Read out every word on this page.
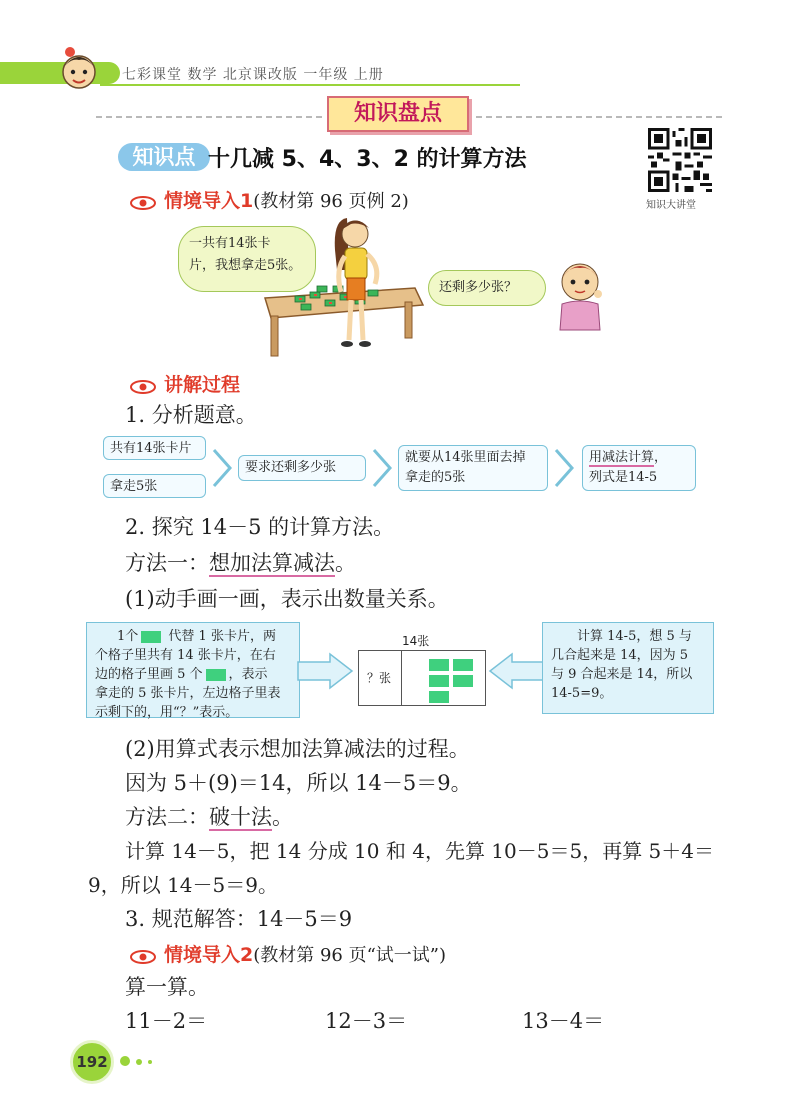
七彩课堂 数学 北京课改版 一年级 上册
知识盘点
知识点 十几减 5、4、3、2 的计算方法
知识大讲堂
情境导入1(教材第 96 页例 2)
一共有14张卡
片，我想拿走5张。
还剩多少张？
讲解过程
1. 分析题意。
共有14张卡片
拿走5张
要求还剩多少张
就要从14张里面去掉
拿走的5张
用减法计算，
列式是14-5
2. 探究 14－5 的计算方法。
方法一：想加法算减法。
(1)动手画一画，表示出数量关系。
1个 代替 1 张卡片，两
个格子里共有 14 张卡片，在右
边的格子里画 5 个 ，表示
拿走的 5 张卡片，左边格子里表
示剩下的，用“？”表示。
14张
？张
计算 14-5，想 5 与
几合起来是 14，因为 5
与 9 合起来是 14，所以
14-5=9。
(2)用算式表示想加法算减法的过程。
因为 5＋(9)＝14，所以 14－5＝9。
方法二：破十法。
计算 14－5，把 14 分成 10 和 4，先算 10－5＝5，再算 5＋4＝
9，所以 14－5＝9。
3. 规范解答：14－5＝9
情境导入2(教材第 96 页“试一试”)
算一算。
11－2＝	12－3＝	13－4＝
192
